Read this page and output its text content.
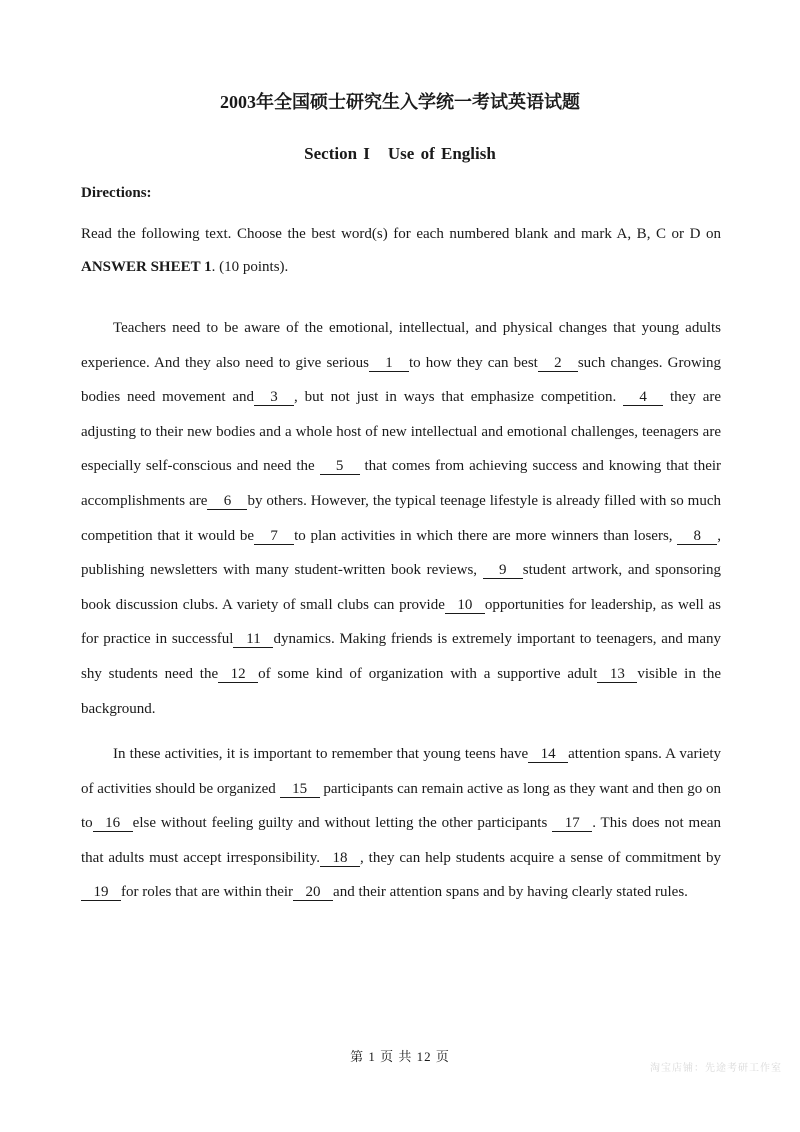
2003年全国硕士研究生入学统一考试英语试题
Section I Use of English
Directions:
Read the following text. Choose the best word(s) for each numbered blank and mark A, B, C or D on ANSWER SHEET 1. (10 points).

Teachers need to be aware of the emotional, intellectual, and physical changes that young adults experience. And they also need to give serious 1 to how they can best 2 such changes. Growing bodies need movement and 3 , but not just in ways that emphasize competition. 4 they are adjusting to their new bodies and a whole host of new intellectual and emotional challenges, teenagers are especially self-conscious and need the 5 that comes from achieving success and knowing that their accomplishments are 6 by others. However, the typical teenage lifestyle is already filled with so much competition that it would be 7 to plan activities in which there are more winners than losers, 8 , publishing newsletters with many student-written book reviews, 9 student artwork, and sponsoring book discussion clubs. A variety of small clubs can provide 10 opportunities for leadership, as well as for practice in successful 11 dynamics. Making friends is extremely important to teenagers, and many shy students need the 12 of some kind of organization with a supportive adult 13 visible in the background.

In these activities, it is important to remember that young teens have 14 attention spans. A variety of activities should be organized 15 participants can remain active as long as they want and then go on to 16 else without feeling guilty and without letting the other participants 17 . This does not mean that adults must accept irresponsibility. 18 , they can help students acquire a sense of commitment by19 for roles that are within their 20 and their attention spans and by having clearly stated rules.

第 1 页 共 12 页
淘宝店铺：先途考研工作室
